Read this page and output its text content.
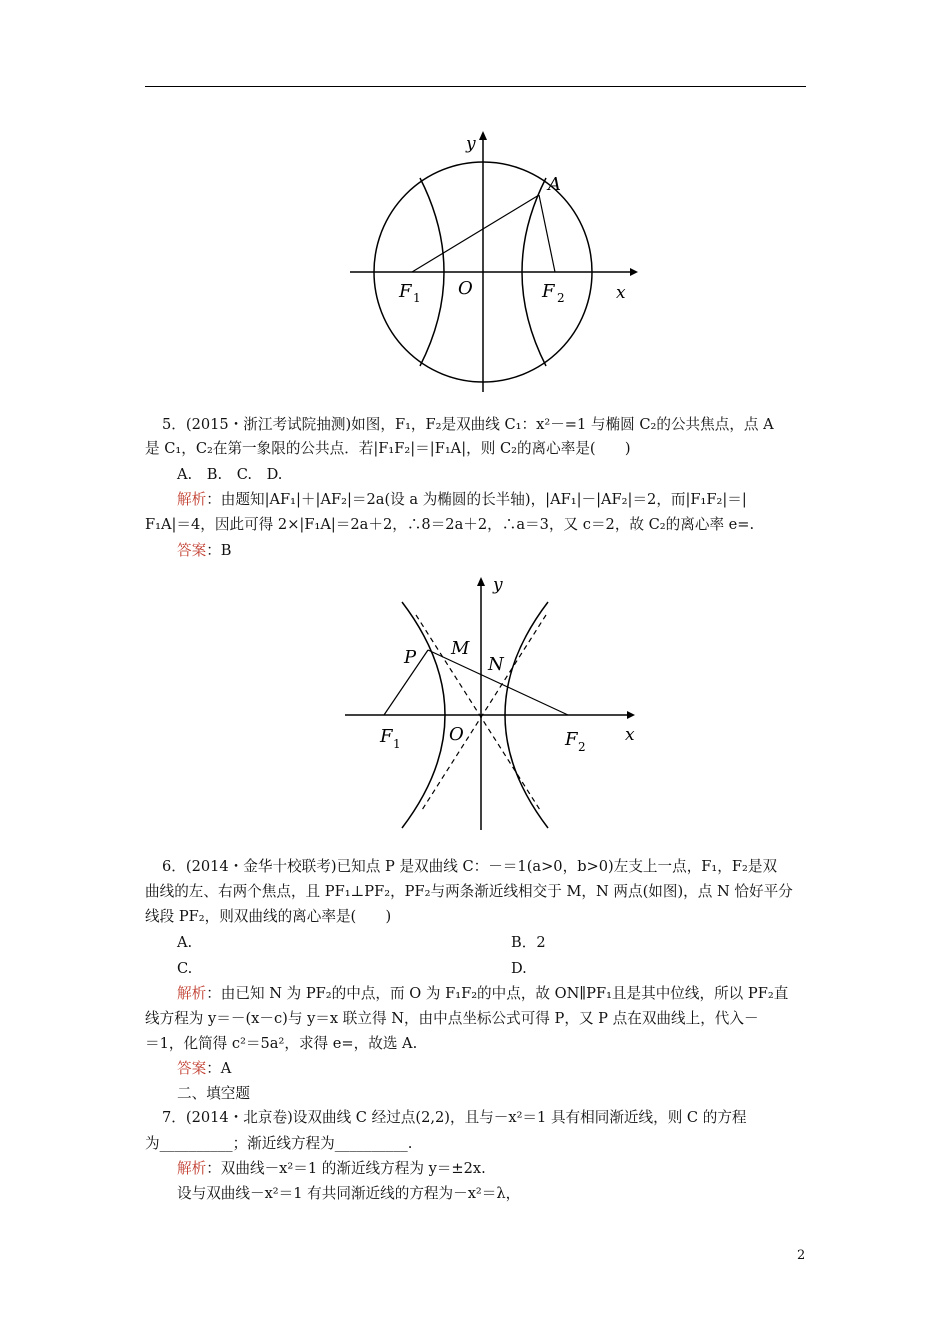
y
A
F 1 O	F 2	x
5．(2015・浙江考试院抽测)如图，F₁，F₂是双曲线 C₁：x²－=1 与椭圆 C₂的公共焦点，点 A
是 C₁，C₂在第一象限的公共点．若|F₁F₂|＝|F₁A|，则 C₂的离心率是(　　)
A.　B.　C.　D.
解析：由题知|AF₁|＋|AF₂|＝2a(设 a 为椭圆的长半轴)，|AF₁|－|AF₂|＝2，而|F₁F₂|＝|
F₁A|＝4，因此可得 2×|F₁A|＝2a＋2，∴8＝2a＋2，∴a＝3，又 c＝2，故 C₂的离心率 e=.
答案：B
y
P M
N
F 1	O	F 2
x
6．(2014・金华十校联考)已知点 P 是双曲线 C：－＝1(a>0，b>0)左支上一点，F₁，F₂是双
曲线的左、右两个焦点，且 PF₁⊥PF₂，PF₂与两条渐近线相交于 M，N 两点(如图)，点 N 恰好平分
线段 PF₂，则双曲线的离心率是(　　)
A.	B．2
C.	D.
解析：由已知 N 为 PF₂的中点，而 O 为 F₁F₂的中点，故 ON∥PF₁且是其中位线，所以 PF₂直
线方程为 y＝－(x－c)与 y＝x 联立得 N，由中点坐标公式可得 P，又 P 点在双曲线上，代入－
＝1，化简得 c²＝5a²，求得 e=，故选 A.
答案：A
二、填空题
7．(2014・北京卷)设双曲线 C 经过点(2,2)，且与－x²＝1 具有相同渐近线，则 C 的方程
为__________；渐近线方程为__________.
解析：双曲线－x²＝1 的渐近线方程为 y＝±2x.
设与双曲线－x²＝1 有共同渐近线的方程为－x²＝λ，
2
